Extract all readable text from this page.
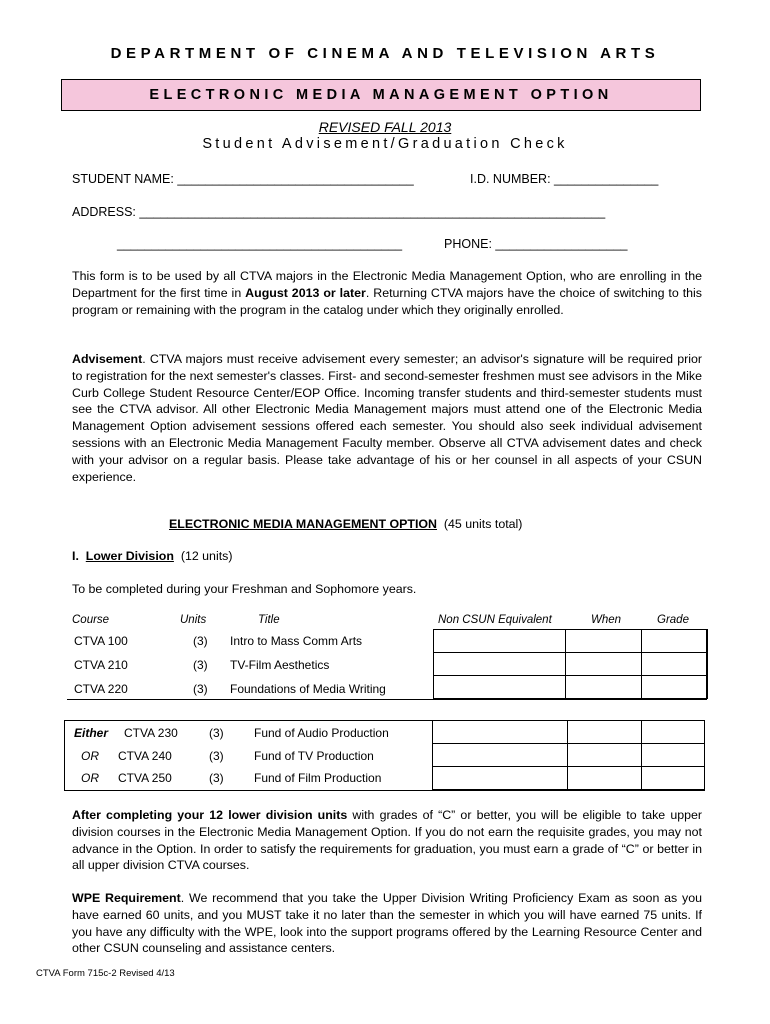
DEPARTMENT OF CINEMA AND TELEVISION ARTS
ELECTRONIC MEDIA MANAGEMENT OPTION
REVISED FALL 2013
Student Advisement/Graduation Check
STUDENT NAME: __________________________________	I.D. NUMBER: _______________
ADDRESS: ___________________________________________________________________
_________________________________________	PHONE: ___________________
This form is to be used by all CTVA majors in the Electronic Media Management Option, who are enrolling in the Department for the first time in August 2013 or later. Returning CTVA majors have the choice of switching to this program or remaining with the program in the catalog under which they originally enrolled.
Advisement. CTVA majors must receive advisement every semester; an advisor's signature will be required prior to registration for the next semester's classes. First- and second-semester freshmen must see advisors in the Mike Curb College Student Resource Center/EOP Office. Incoming transfer students and third-semester students must see the CTVA advisor. All other Electronic Media Management majors must attend one of the Electronic Media Management Option advisement sessions offered each semester. You should also seek individual advisement sessions with an Electronic Media Management Faculty member. Observe all CTVA advisement dates and check with your advisor on a regular basis. Please take advantage of his or her counsel in all aspects of your CSUN experience.
ELECTRONIC MEDIA MANAGEMENT OPTION (45 units total)
I. Lower Division (12 units)
To be completed during your Freshman and Sophomore years.
Course	Units	Title	Non CSUN Equivalent	When	Grade
CTVA 100	(3) Intro to Mass Comm Arts
CTVA 210	(3) TV-Film Aesthetics
CTVA 220	(3) Foundations of Media Writing

Either CTVA 230	(3)	Fund of Audio Production
OR CTVA 240	(3)	Fund of TV Production
OR CTVA 250	(3)	Fund of Film Production
After completing your 12 lower division units with grades of “C” or better, you will be eligible to take upper division courses in the Electronic Media Management Option. If you do not earn the requisite grades, you may not advance in the Option. In order to satisfy the requirements for graduation, you must earn a grade of “C” or better in all upper division CTVA courses.
WPE Requirement. We recommend that you take the Upper Division Writing Proficiency Exam as soon as you have earned 60 units, and you MUST take it no later than the semester in which you will have earned 75 units. If you have any difficulty with the WPE, look into the support programs offered by the Learning Resource Center and other CSUN counseling and assistance centers.
CTVA Form 715c-2 Revised 4/13
